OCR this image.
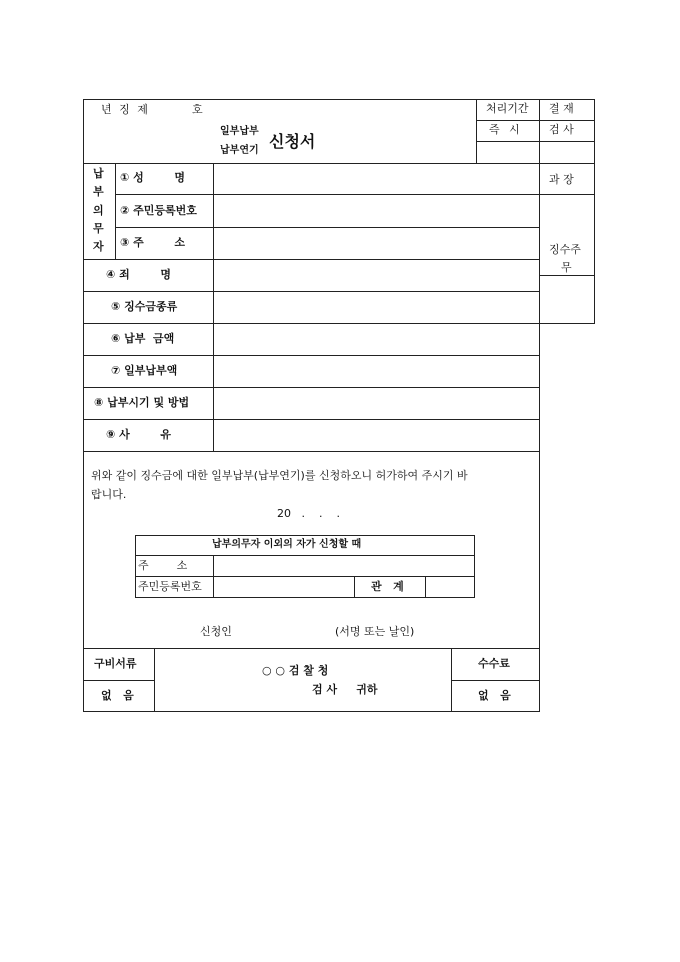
년 징 제	호
일부납부
납부연기 신청서
처리기간
즉 시
결 재
검 사
과 장
징수주
무
납
부
의
무
자
① 성        명
② 주민등록번호
③ 주        소
④ 죄        명
⑤ 징수금종류
⑥ 납부  금액
⑦ 일부납부액
⑧ 납부시기 및 방법
⑨ 사        유
위와 같이 징수금에 대한 일부납부(납부연기)를 신청하오니 허가하여 주시기 바
랍니다.
20   .    .    .
납부의무자 이외의 자가 신청할 때
주        소
주민등록번호	관   계
신청인	(서명 또는 날인)
구비서류
없   음
○ ○ 검 찰 청
검 사     귀하
수수료
없   음
